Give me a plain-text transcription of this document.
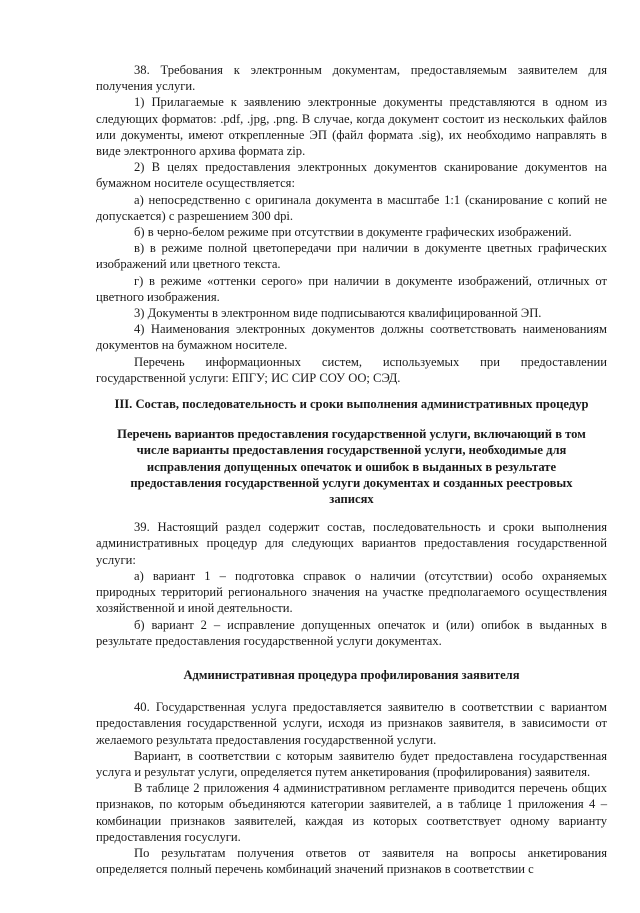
38. Требования к электронным документам, предоставляемым заявителем для получения услуги.

1) Прилагаемые к заявлению электронные документы представляются в одном из следующих форматов: .pdf, .jpg, .png. В случае, когда документ состоит из нескольких файлов или документы, имеют открепленные ЭП (файл формата .sig), их необходимо направлять в виде электронного архива формата zip.

2) В целях предоставления электронных документов сканирование документов на бумажном носителе осуществляется:

а) непосредственно с оригинала документа в масштабе 1:1 (сканирование с копий не допускается) с разрешением 300 dpi.

б) в черно-белом режиме при отсутствии в документе графических изображений.

в) в режиме полной цветопередачи при наличии в документе цветных графических изображений или цветного текста.

г) в режиме «оттенки серого» при наличии в документе изображений, отличных от цветного изображения.

3) Документы в электронном виде подписываются квалифицированной ЭП.

4) Наименования электронных документов должны соответствовать наименованиям документов на бумажном носителе.

Перечень информационных систем, используемых при предоставлении государственной услуги: ЕПГУ; ИС СИР СОУ ОО; СЭД.

III. Состав, последовательность и сроки выполнения административных процедур

Перечень вариантов предоставления государственной услуги, включающий в том числе варианты предоставления государственной услуги, необходимые для исправления допущенных опечаток и ошибок в выданных в результате предоставления государственной услуги документах и созданных реестровых записях

39. Настоящий раздел содержит состав, последовательность и сроки выполнения административных процедур для следующих вариантов предоставления государственной услуги:

а) вариант 1 – подготовка справок о наличии (отсутствии) особо охраняемых природных территорий регионального значения на участке предполагаемого осуществления хозяйственной и иной деятельности.

б) вариант 2 – исправление допущенных опечаток и (или) опибок в выданных в результате предоставления государственной услуги документах.

Административная процедура профилирования заявителя

40. Государственная услуга предоставляется заявителю в соответствии с вариантом предоставления государственной услуги, исходя из признаков заявителя, в зависимости от желаемого результата предоставления государственной услуги.

Вариант, в соответствии с которым заявителю будет предоставлена государственная услуга и результат услуги, определяется путем анкетирования (профилирования) заявителя.

В таблице 2 приложения 4 административном регламенте приводится перечень общих признаков, по которым объединяются категории заявителей, а в таблице 1 приложения 4 – комбинации признаков заявителей, каждая из которых соответствует одному варианту предоставления госуслуги.

По результатам получения ответов от заявителя на вопросы анкетирования определяется полный перечень комбинаций значений признаков в соответствии с
